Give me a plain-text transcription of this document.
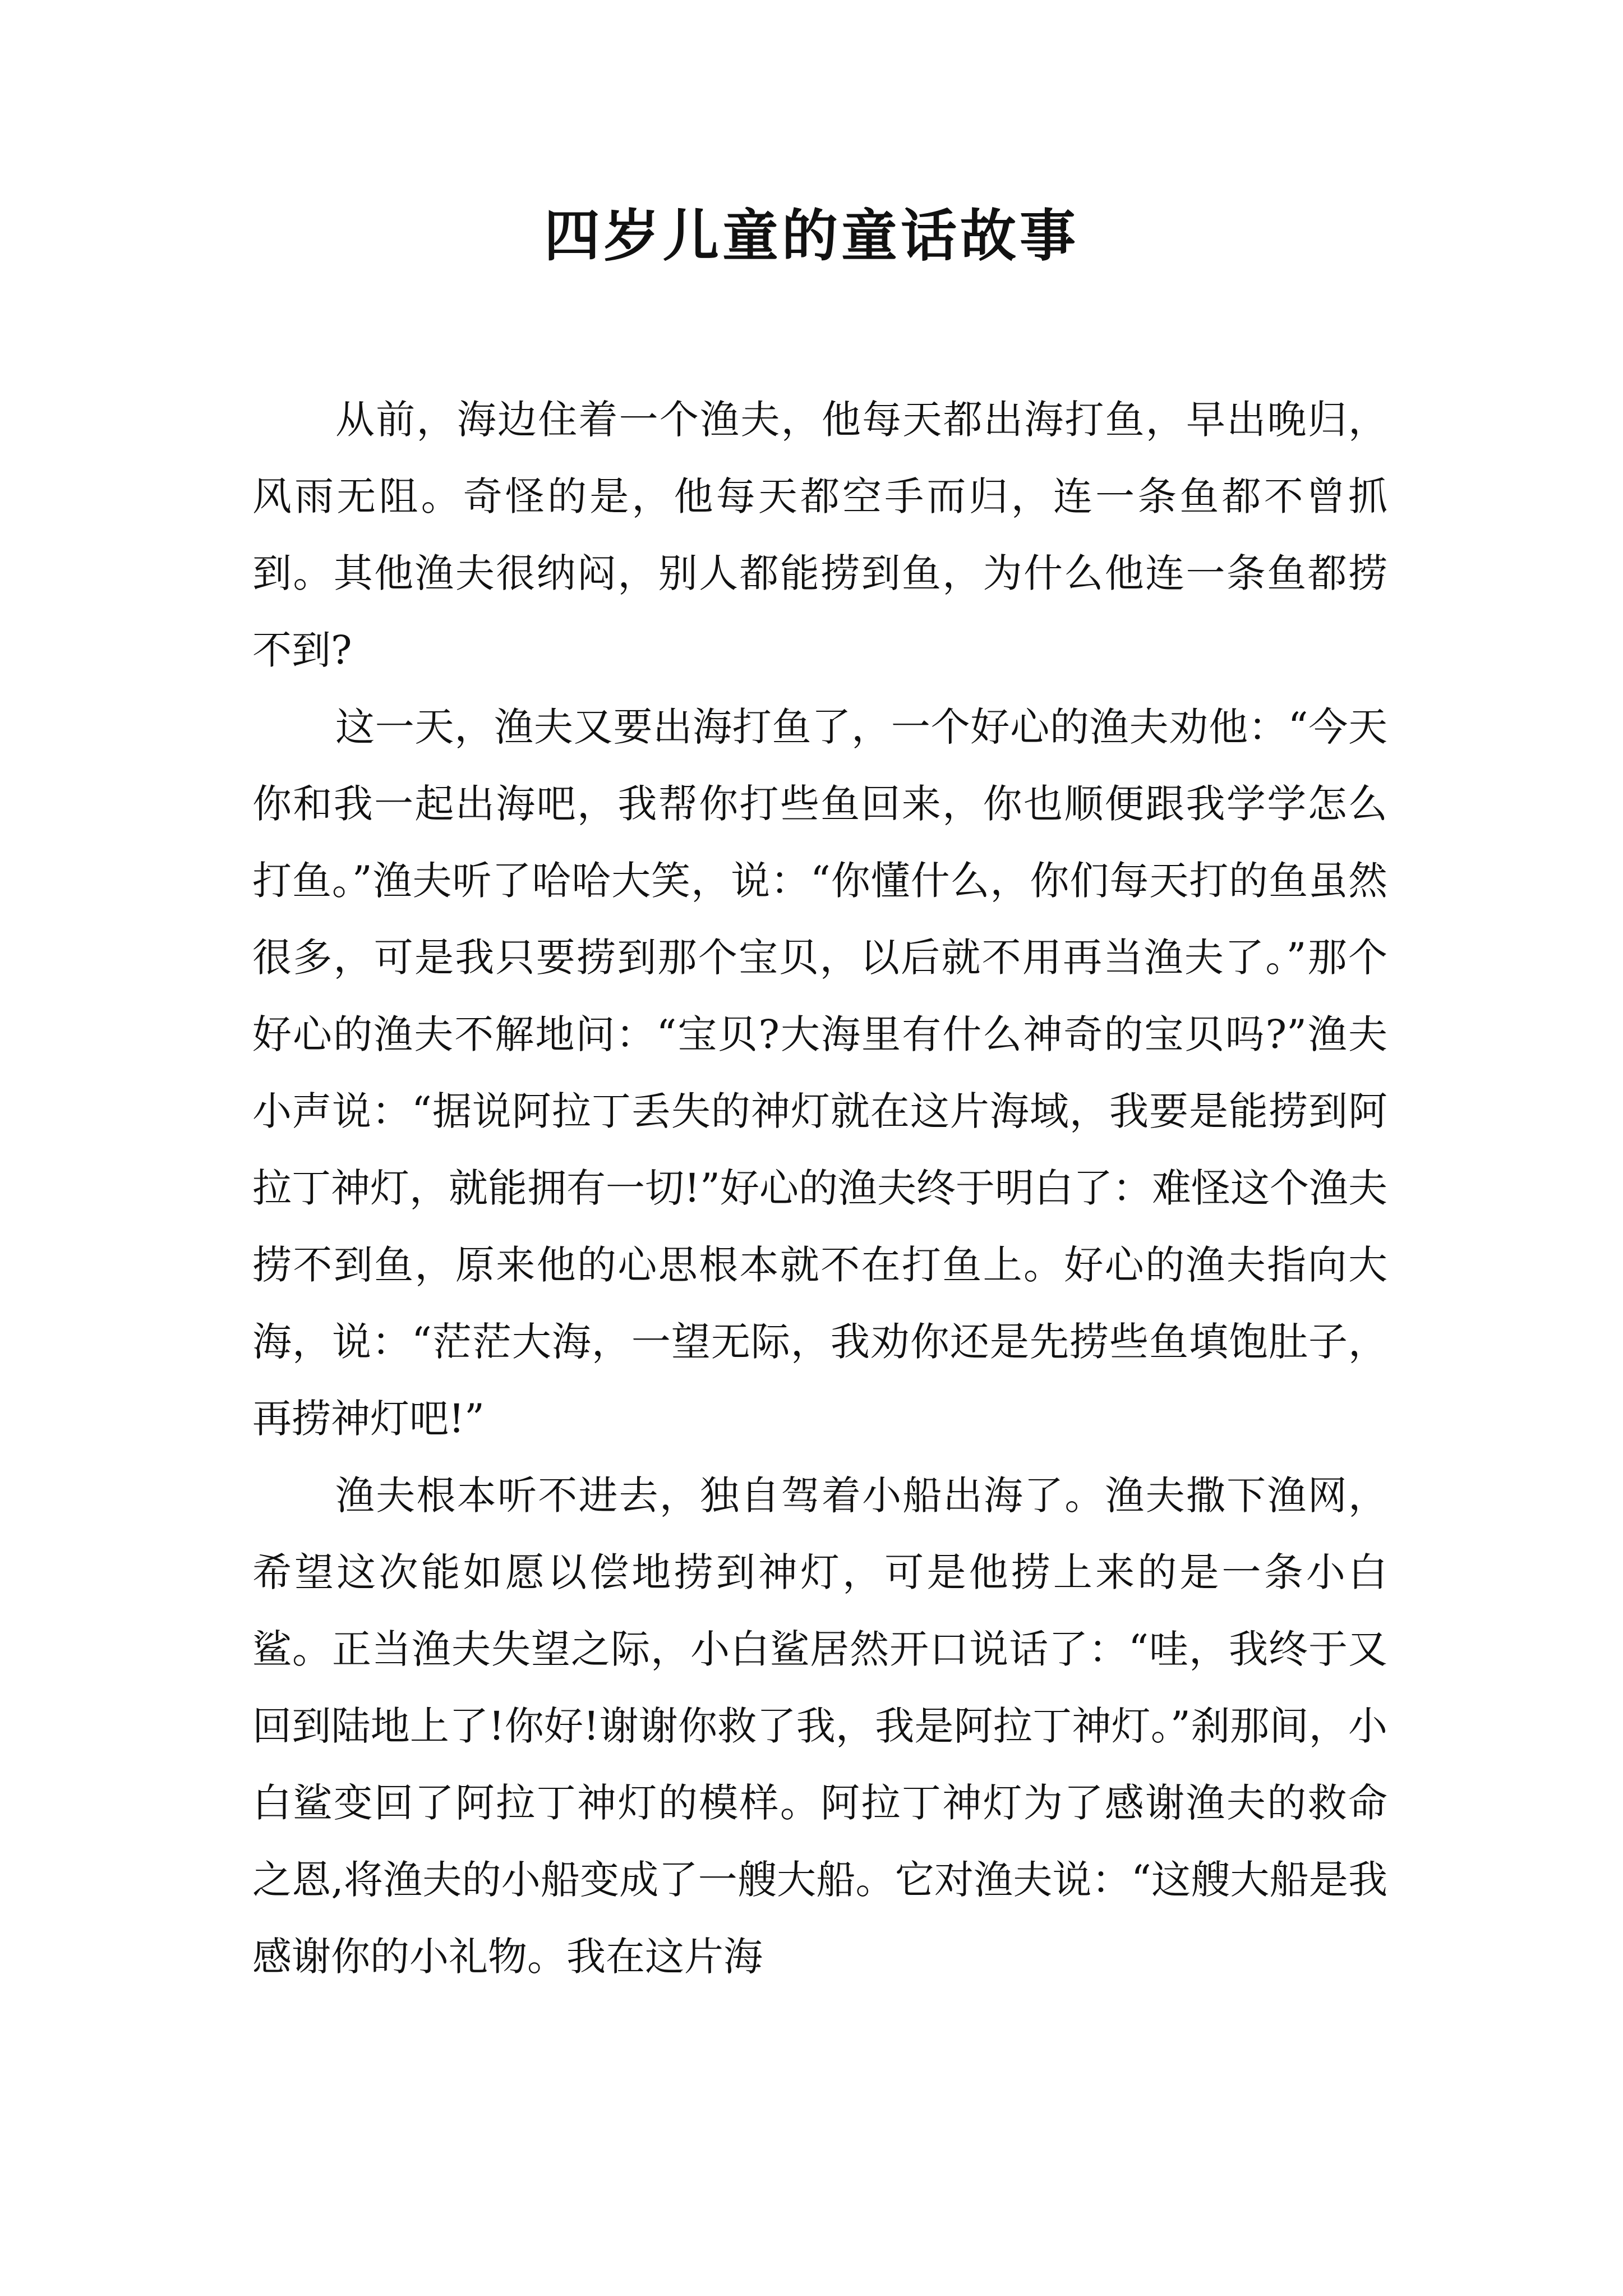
四岁儿童的童话故事

从前，海边住着一个渔夫，他每天都出海打鱼，早出晚归，风雨无阻。奇怪的是，他每天都空手而归，连一条鱼都不曾抓到。其他渔夫很纳闷，别人都能捞到鱼，为什么他连一条鱼都捞不到?

这一天，渔夫又要出海打鱼了，一个好心的渔夫劝他：“今天你和我一起出海吧，我帮你打些鱼回来，你也顺便跟我学学怎么打鱼。”渔夫听了哈哈大笑，说：“你懂什么，你们每天打的鱼虽然很多，可是我只要捞到那个宝贝，以后就不用再当渔夫了。”那个好心的渔夫不解地问：“宝贝?大海里有什么神奇的宝贝吗?”渔夫小声说：“据说阿拉丁丢失的神灯就在这片海域，我要是能捞到阿拉丁神灯，就能拥有一切!”好心的渔夫终于明白了：难怪这个渔夫捞不到鱼，原来他的心思根本就不在打鱼上。好心的渔夫指向大海，说：“茫茫大海，一望无际，我劝你还是先捞些鱼填饱肚子，再捞神灯吧!”

渔夫根本听不进去，独自驾着小船出海了。渔夫撒下渔网，希望这次能如愿以偿地捞到神灯，可是他捞上来的是一条小白鲨。正当渔夫失望之际，小白鲨居然开口说话了：“哇，我终于又回到陆地上了!你好!谢谢你救了我，我是阿拉丁神灯。”刹那间，小白鲨变回了阿拉丁神灯的模样。阿拉丁神灯为了感谢渔夫的救命之恩,将渔夫的小船变成了一艘大船。它对渔夫说：“这艘大船是我感谢你的小礼物。我在这片海
